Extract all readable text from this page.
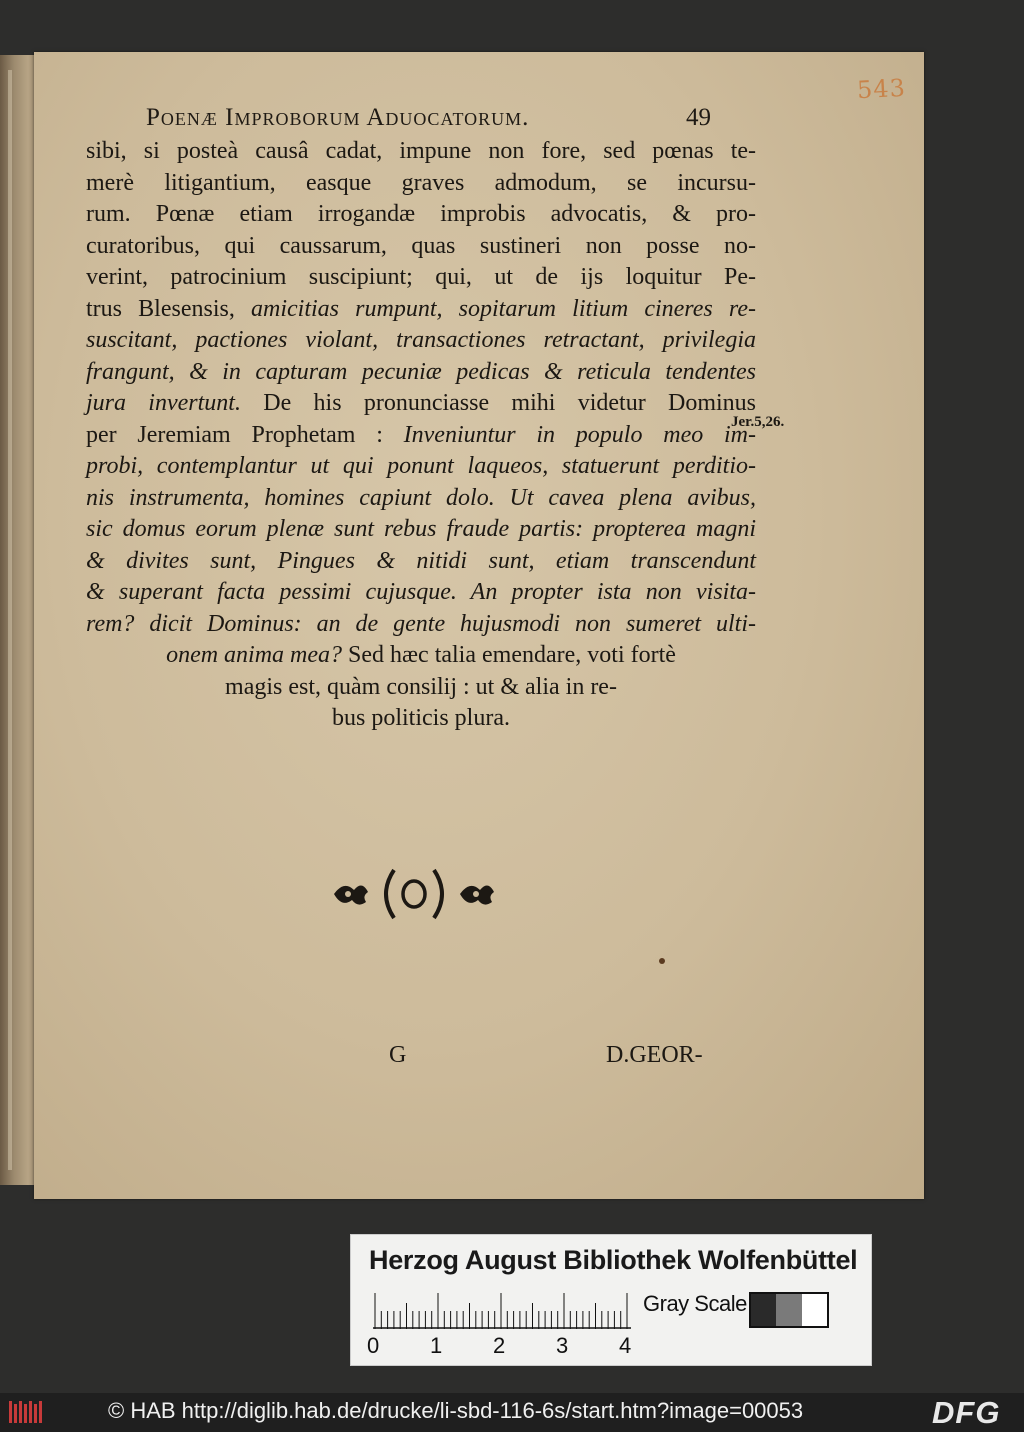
543
Poenæ Improborum Aduocatorum.	49
sibi, si posteà causâ cadat, impune non fore, sed pœnas te-
merè litigantium, easque graves admodum, se incursu-
rum. Pœnæ etiam irrogandæ improbis advocatis, & pro-
curatoribus, qui caussarum, quas sustineri non posse no-
verint, patrocinium suscipiunt; qui, ut de ijs loquitur Pe-
trus Blesensis, amicitias rumpunt, sopitarum litium cineres re-
suscitant, pactiones violant, transactiones retractant, privilegia
frangunt, & in capturam pecuniæ pedicas & reticula tendentes
jura invertunt. De his pronunciasse mihi videtur Dominus
per Jeremiam Prophetam : Inveniuntur in populo meo im-
probi, contemplantur ut qui ponunt laqueos, statuerunt perditio-
nis instrumenta, homines capiunt dolo. Ut cavea plena avibus,
sic domus eorum plenæ sunt rebus fraude partis: propterea magni
& divites sunt, Pingues & nitidi sunt, etiam transcendunt
& superant facta pessimi cujusque. An propter ista non visita-
rem? dicit Dominus: an de gente hujusmodi non sumeret ulti-
onem anima mea? Sed hæc talia emendare, voti fortè
magis est, quàm consilij : ut & alia in re-
bus politicis plura.
Jer.5,26.
G	D.GEOR-
Herzog August Bibliothek Wolfenbüttel
0 1 2 3 4
Gray Scale
© HAB http://diglib.hab.de/drucke/li-sbd-116-6s/start.htm?image=00053	DFG
